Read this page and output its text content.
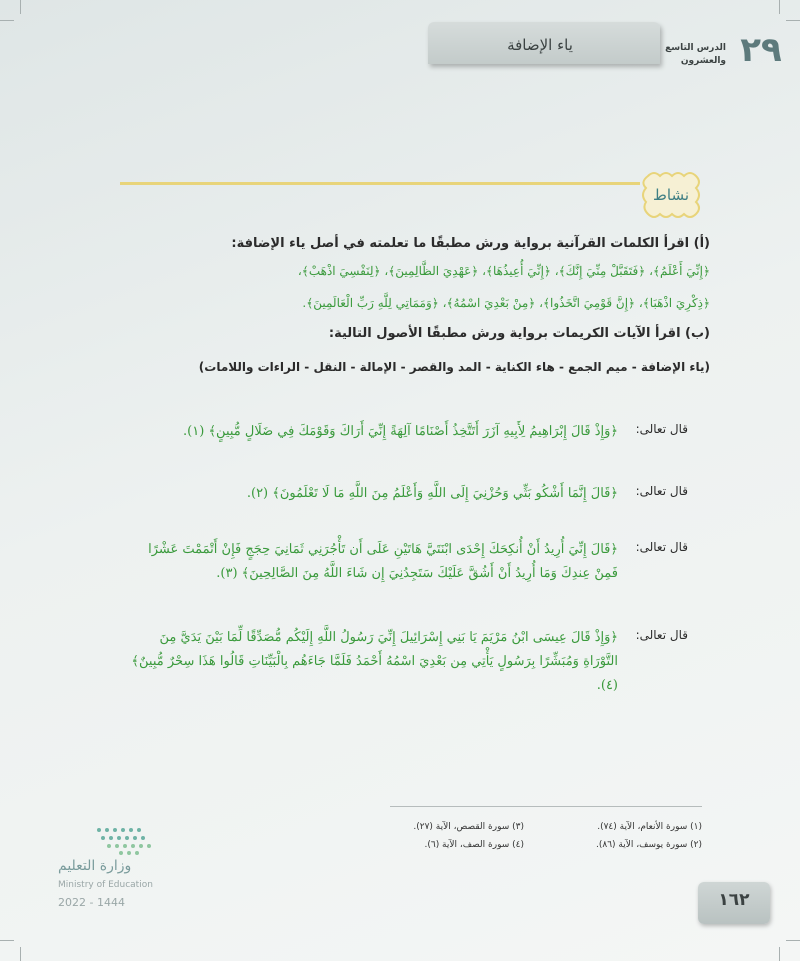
ياء الإضافة	الدرس التاسع
والعشرون ٢٩
نشاط
(أ) اقرأ الكلمات القرآنية برواية ورش مطبقًا ما تعلمته في أصل ياء الإضافة:
﴿إِنِّيَ أَعْلَمُ﴾، ﴿فَتَقَبَّلْ مِنِّيَ إِنَّكَ﴾، ﴿إِنِّيَ أُعِيذُهَا﴾، ﴿عَهْدِيَ الظَّالِمِينَ﴾، ﴿لِنَفْسِيَ اذْهَبْ﴾،
﴿ذِكْرِيَ اذْهَبَا﴾، ﴿إِنَّ قَوْمِيَ اتَّخَذُوا﴾، ﴿مِنْ بَعْدِيَ اسْمُهُ﴾، ﴿وَمَمَاتِي لِلَّهِ رَبِّ الْعَالَمِينَ﴾.
(ب) اقرأ الآيات الكريمات برواية ورش مطبقًا الأصول التالية:
(ياء الإضافة - ميم الجمع - هاء الكناية - المد والقصر - الإمالة - النقل - الراءات واللامات)
قال تعالى:
﴿وَإِذْ قَالَ إِبْرَاهِيمُ لِأَبِيهِ آزَرَ أَتَتَّخِذُ أَصْنَامًا آلِهَةً إِنِّيَ أَرَاكَ وَقَوْمَكَ فِي ضَلَالٍ مُّبِينٍ﴾ (١).
قال تعالى:
﴿قَالَ إِنَّمَا أَشْكُو بَثِّي وَحُزْنِيَ إِلَى اللَّهِ وَأَعْلَمُ مِنَ اللَّهِ مَا لَا تَعْلَمُونَ﴾ (٢).
قال تعالى:
﴿قَالَ إِنِّيَ أُرِيدُ أَنْ أُنكِحَكَ إِحْدَى ابْنَتَيَّ هَاتَيْنِ عَلَى أَن تَأْجُرَنِي ثَمَانِيَ حِجَجٍ فَإِنْ أَتْمَمْتَ عَشْرًا فَمِنْ عِندِكَ وَمَا أُرِيدُ أَنْ أَشُقَّ عَلَيْكَ سَتَجِدُنِيَ إِن شَاءَ اللَّهُ مِنَ الصَّالِحِينَ﴾ (٣).
قال تعالى:
﴿وَإِذْ قَالَ عِيسَى ابْنُ مَرْيَمَ يَا بَنِي إِسْرَائِيلَ إِنِّيَ رَسُولُ اللَّهِ إِلَيْكُم مُّصَدِّقًا لِّمَا بَيْنَ يَدَيَّ مِنَ التَّوْرَاةِ وَمُبَشِّرًا بِرَسُولٍ يَأْتِي مِن بَعْدِيَ اسْمُهُ أَحْمَدُ فَلَمَّا جَاءَهُم بِالْبَيِّنَاتِ قَالُوا هَذَا سِحْرٌ مُّبِينٌ﴾ (٤).
(١) سورة الأنعام، الآية (٧٤).
(٢) سورة يوسف، الآية (٨٦).
(٣) سورة القصص، الآية (٢٧).
(٤) سورة الصف، الآية (٦).
وزارة التعليم
Ministry of Education
2022 - 1444	١٦٢
